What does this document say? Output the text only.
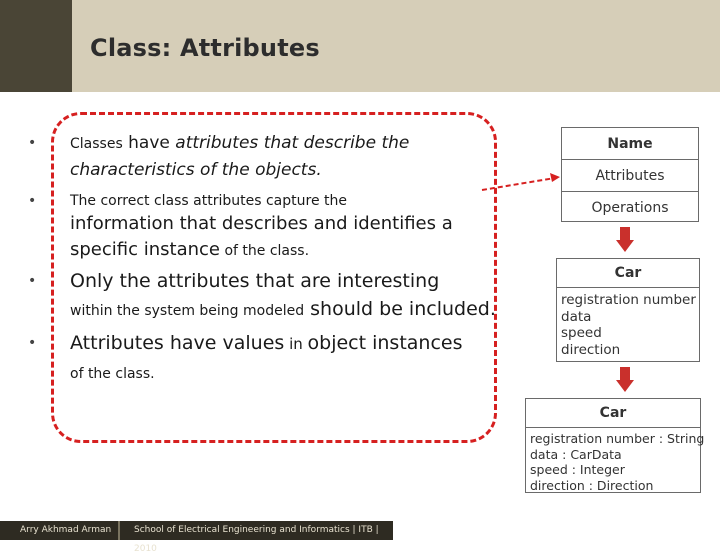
Class: Attributes
• Classes have attributes that describe the characteristics of the objects.
• The correct class attributes capture the
information that describes and identifies a specific instance of the class.
• Only the attributes that are interesting
within the system being modeled should be included.
• Attributes have values in object instances
of the class.
Name
Attributes
Operations
Car
registration number
data
speed
direction
Car
registration number : String
data : CarData
speed : Integer
direction : Direction
Arry Akhmad Arman	School of Electrical Engineering and Informatics | ITB | 2010
